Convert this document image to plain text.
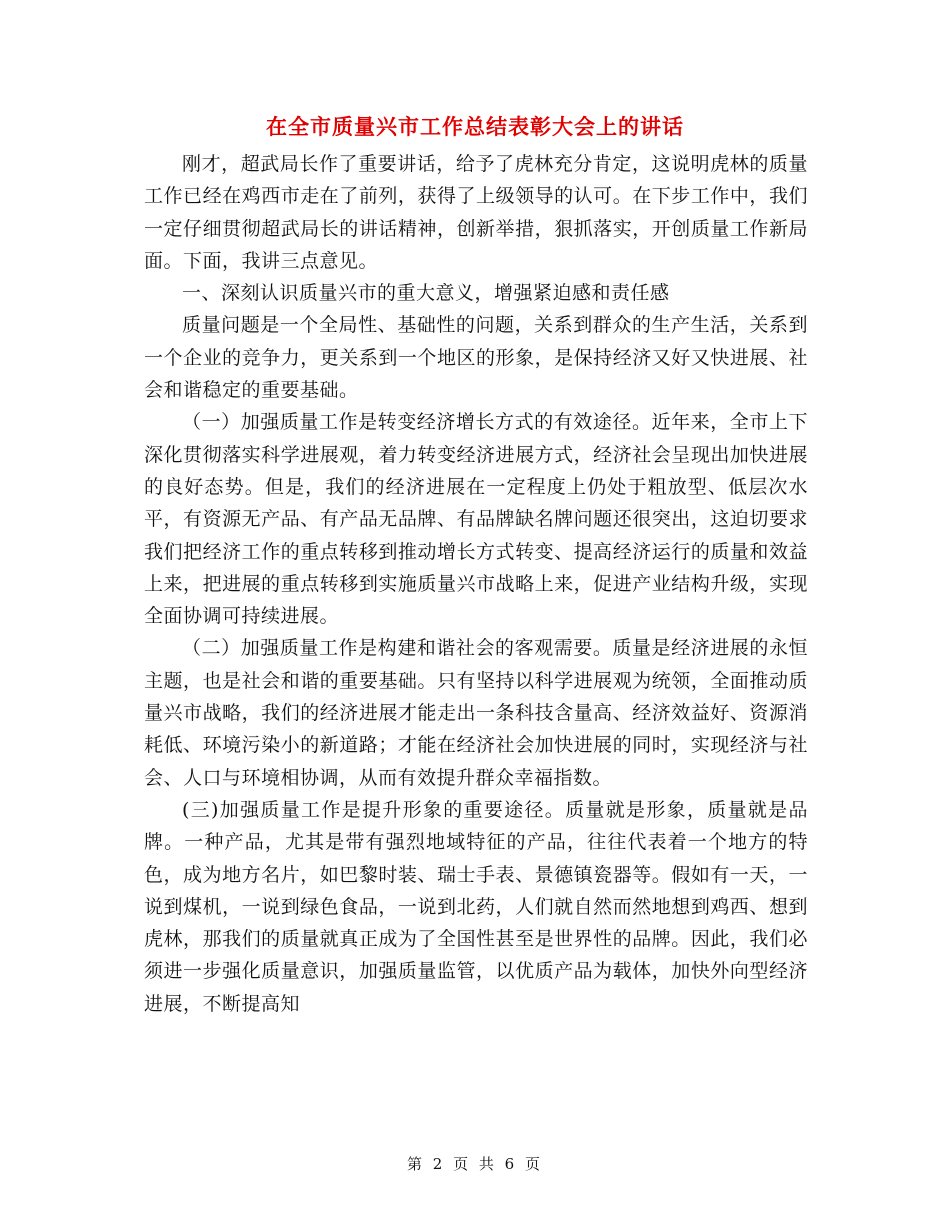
在全市质量兴市工作总结表彰大会上的讲话

刚才，超武局长作了重要讲话，给予了虎林充分肯定，这说明虎林的质量工作已经在鸡西市走在了前列，获得了上级领导的认可。在下步工作中，我们一定仔细贯彻超武局长的讲话精神，创新举措，狠抓落实，开创质量工作新局面。下面，我讲三点意见。

一、深刻认识质量兴市的重大意义，增强紧迫感和责任感

质量问题是一个全局性、基础性的问题，关系到群众的生产生活，关系到一个企业的竞争力，更关系到一个地区的形象，是保持经济又好又快进展、社会和谐稳定的重要基础。

（一）加强质量工作是转变经济增长方式的有效途径。近年来，全市上下深化贯彻落实科学进展观，着力转变经济进展方式，经济社会呈现出加快进展的良好态势。但是，我们的经济进展在一定程度上仍处于粗放型、低层次水平，有资源无产品、有产品无品牌、有品牌缺名牌问题还很突出，这迫切要求我们把经济工作的重点转移到推动增长方式转变、提高经济运行的质量和效益上来，把进展的重点转移到实施质量兴市战略上来，促进产业结构升级，实现全面协调可持续进展。

（二）加强质量工作是构建和谐社会的客观需要。质量是经济进展的永恒主题，也是社会和谐的重要基础。只有坚持以科学进展观为统领，全面推动质量兴市战略，我们的经济进展才能走出一条科技含量高、经济效益好、资源消耗低、环境污染小的新道路；才能在经济社会加快进展的同时，实现经济与社会、人口与环境相协调，从而有效提升群众幸福指数。

(三)加强质量工作是提升形象的重要途径。质量就是形象，质量就是品牌。一种产品，尤其是带有强烈地域特征的产品，往往代表着一个地方的特色，成为地方名片，如巴黎时装、瑞士手表、景德镇瓷器等。假如有一天，一说到煤机，一说到绿色食品，一说到北药，人们就自然而然地想到鸡西、想到虎林，那我们的质量就真正成为了全国性甚至是世界性的品牌。因此，我们必须进一步强化质量意识，加强质量监管，以优质产品为载体，加快外向型经济进展，不断提高知

第 2 页 共 6 页
